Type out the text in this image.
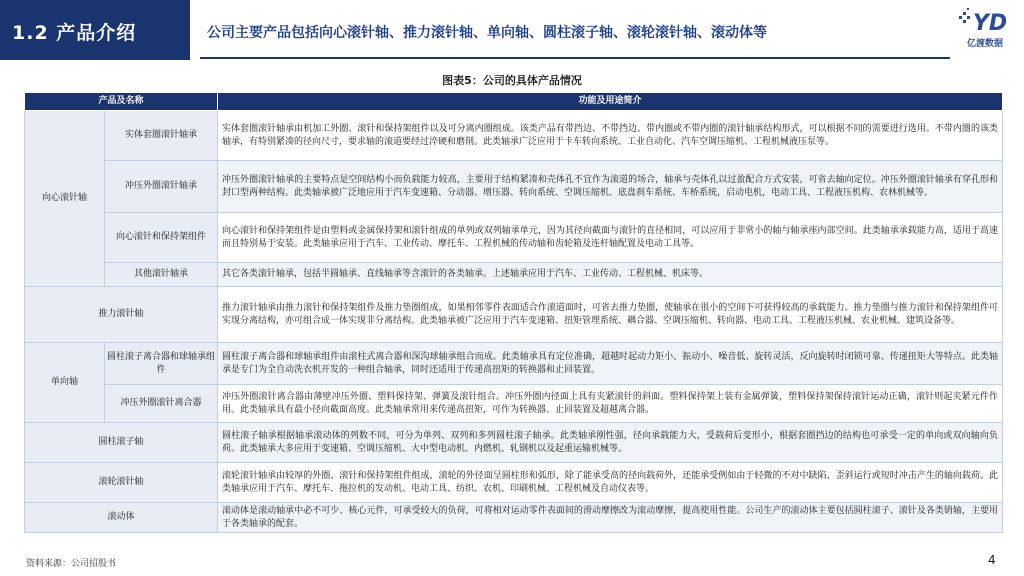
1.2 产品介绍	公司主要产品包括向心滚针轴、推力滚针轴、单向轴、圆柱滚子轴、滚轮滚针轴、滚动体等	YD
亿渡数据
图表5：公司的具体产品情况
产品及名称		功能及用途简介
向心滚针轴	实体套圈滚针轴承	实体套圈滚针轴承由机加工外圈、滚针和保持架组件以及可分离内圈组成。该类产品有带挡边、不带挡边、带内圈或不带内圈的滚针轴承结构形式，可以根据不同的需要进行选用。不带内圈的该类轴承，有特别紧凑的径向尺寸，要求轴的滚道要经过淬硬和磨削。此类轴承广泛应用于卡车转向系统、工业自动化、汽车空调压缩机、工程机械液压泵等。
	冲压外圈滚针轴承	冲压外圈滚针轴承的主要特点是空间结构小而负载能力较高，主要用于结构紧凑和壳体孔不宜作为滚道的场合，轴承与壳体孔以过盈配合方式安装，可省去轴向定位。冲压外圈滚针轴承有穿孔形和封口型两种结构。此类轴承被广泛地应用于汽车变速箱、分动器、增压器、转向系统、空调压缩机、底盘刹车系统、车桥系统，启动电机，电动工具、工程液压机构、农林机械等。
	向心滚针和保持架组件	向心滚针和保持架组件是由塑料或金属保持架和滚针组成的单列或双列轴承单元，因为其径向截面与滚针的直径相同，可以应用于非常小的轴与轴承座内部空间。此类轴承承载能力高，适用于高速而且特别易于安装。此类轴承应用于汽车、工业传动、摩托车、工程机械的传动轴和齿轮箱及连杆轴配置及电动工具等。
	其他滚针轴承	其它各类滚针轴承，包括半圆轴承、直线轴承等含滚针的各类轴承。上述轴承应用于汽车、工业传动、工程机械、机床等。
推力滚针轴		推力滚针轴承由推力滚针和保持架组件及推力垫圈组成，如果相邻零件表面适合作滚道面时，可省去推力垫圈，使轴承在很小的空间下可获得较高的承载能力。推力垫圈与推力滚针和保持架组件可实现分离结构，亦可组合成一体实现非分离结构。此类轴承被广泛应用于汽车变速箱、扭矩管理系统、耦合器、空调压缩机、转向器、电动工具、工程液压机械、农业机械、建筑设备等。
单向轴	圆柱滚子离合器和球轴承组件	圆柱滚子离合器和球轴承组件由滚柱式离合器和深沟球轴承组合而成。此类轴承具有定位准确，超越时起动力矩小、振动小、噪音低、旋转灵活，反向旋转时闭锁可靠、传递扭矩大等特点。此类轴承是专门为全自动洗衣机开发的一种组合轴承，同时还适用于传递高扭矩的转换器和止回装置。
	冲压外圈滚针离合器	冲压外圈滚针离合器由薄壁冲压外圈、塑料保持架、弹簧及滚针组合。冲压外圈内径面上具有夹紧滚针的斜面。塑料保持架上装有金属弹簧，塑料保持架保持滚针运动正确，滚针则起夹紧元件作用。此类轴承具有最小径向截面高度。此类轴承常用来传递高扭矩，可作为转换器、止回装置及超越离合器。
圆柱滚子轴		圆柱滚子轴承根据轴承滚动体的列数不同，可分为单列、双列和多列圆柱滚子轴承。此类轴承刚性强，径向承载能力大，受载荷后变形小，根据套圈挡边的结构也可承受一定的单向或双向轴向负荷。此类轴承大多应用于变速箱、空调压缩机、大中型电动机、内燃机、轧钢机以及起重运输机械等。
滚轮滚针轴		滚轮滚针轴承由较厚的外圈、滚针和保持架组件组成，滚轮的外径面呈圆柱形和弧形，除了能承受高的径向载荷外，还能承受例如由于轻微的不对中缺陷、歪斜运行或短时冲击产生的轴向载荷。此类轴承应用于汽车、摩托车、拖拉机的发动机、电动工具、纺织、农机、印刷机械、工程机械及自动仪表等。
滚动体		滚动体是滚动轴承中必不可少、核心元件，可承受较大的负荷，可将相对运动零件表面间的滑动摩擦改为滚动摩擦，提高使用性能。公司生产的滚动体主要包括圆柱滚子、滚针及各类销轴，主要用于各类轴承的配套。
资料来源：公司招股书	4
